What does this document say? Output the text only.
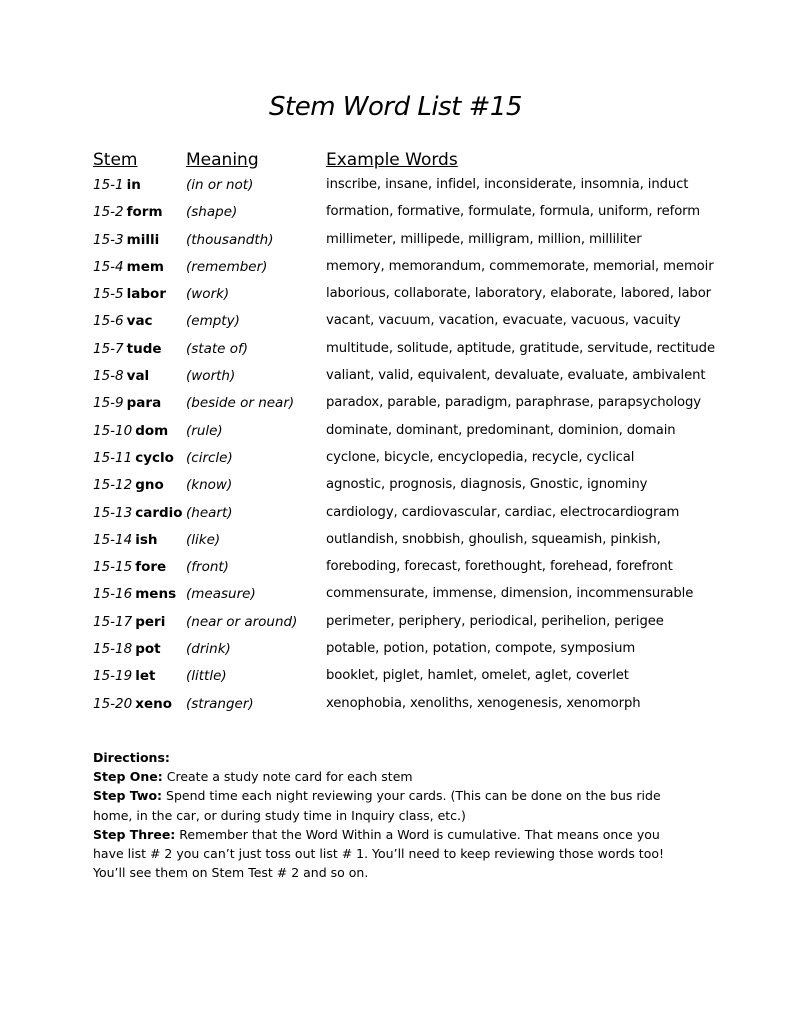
Stem Word List #15
Stem	Meaning	Example Words
15-1 in	(in or not)	inscribe, insane, infidel, inconsiderate, insomnia, induct
15-2 form (shape)	formation, formative, formulate, formula, uniform, reform
15-3 milli (thousandth)	millimeter, millipede, milligram, million, milliliter
15-4 mem (remember)	memory, memorandum, commemorate, memorial, memoir
15-5 labor (work)	laborious, collaborate, laboratory, elaborate, labored, labor
15-6 vac (empty)	vacant, vacuum, vacation, evacuate, vacuous, vacuity
15-7 tude (state of)	multitude, solitude, aptitude, gratitude, servitude, rectitude
15-8 val	(worth)	valiant, valid, equivalent, devaluate, evaluate, ambivalent
15-9 para (beside or near) paradox, parable, paradigm, paraphrase, parapsychology
15-10 dom (rule)	dominate, dominant, predominant, dominion, domain
15-11 cyclo (circle)	cyclone, bicycle, encyclopedia, recycle, cyclical
15-12 gno (know)	agnostic, prognosis, diagnosis, Gnostic, ignominy
15-13 cardio (heart)	cardiology, cardiovascular, cardiac, electrocardiogram
15-14 ish (like)	outlandish, snobbish, ghoulish, squeamish, pinkish,
15-15 fore (front)	foreboding, forecast, forethought, forehead, forefront
15-16 mens (measure)	commensurate, immense, dimension, incommensurable
15-17 peri (near or around) perimeter, periphery, periodical, perihelion, perigee
15-18 pot (drink)	potable, potion, potation, compote, symposium
15-19 let (little)	booklet, piglet, hamlet, omelet, aglet, coverlet
15-20 xeno (stranger)	xenophobia, xenoliths, xenogenesis, xenomorph
Directions:

Step One: Create a study note card for each stem

Step Two: Spend time each night reviewing your cards. (This can be done on the bus ride home, in the car, or during study time in Inquiry class, etc.)

Step Three: Remember that the Word Within a Word is cumulative. That means once you have list # 2 you can’t just toss out list # 1. You’ll need to keep reviewing those words too! You’ll see them on Stem Test # 2 and so on.
